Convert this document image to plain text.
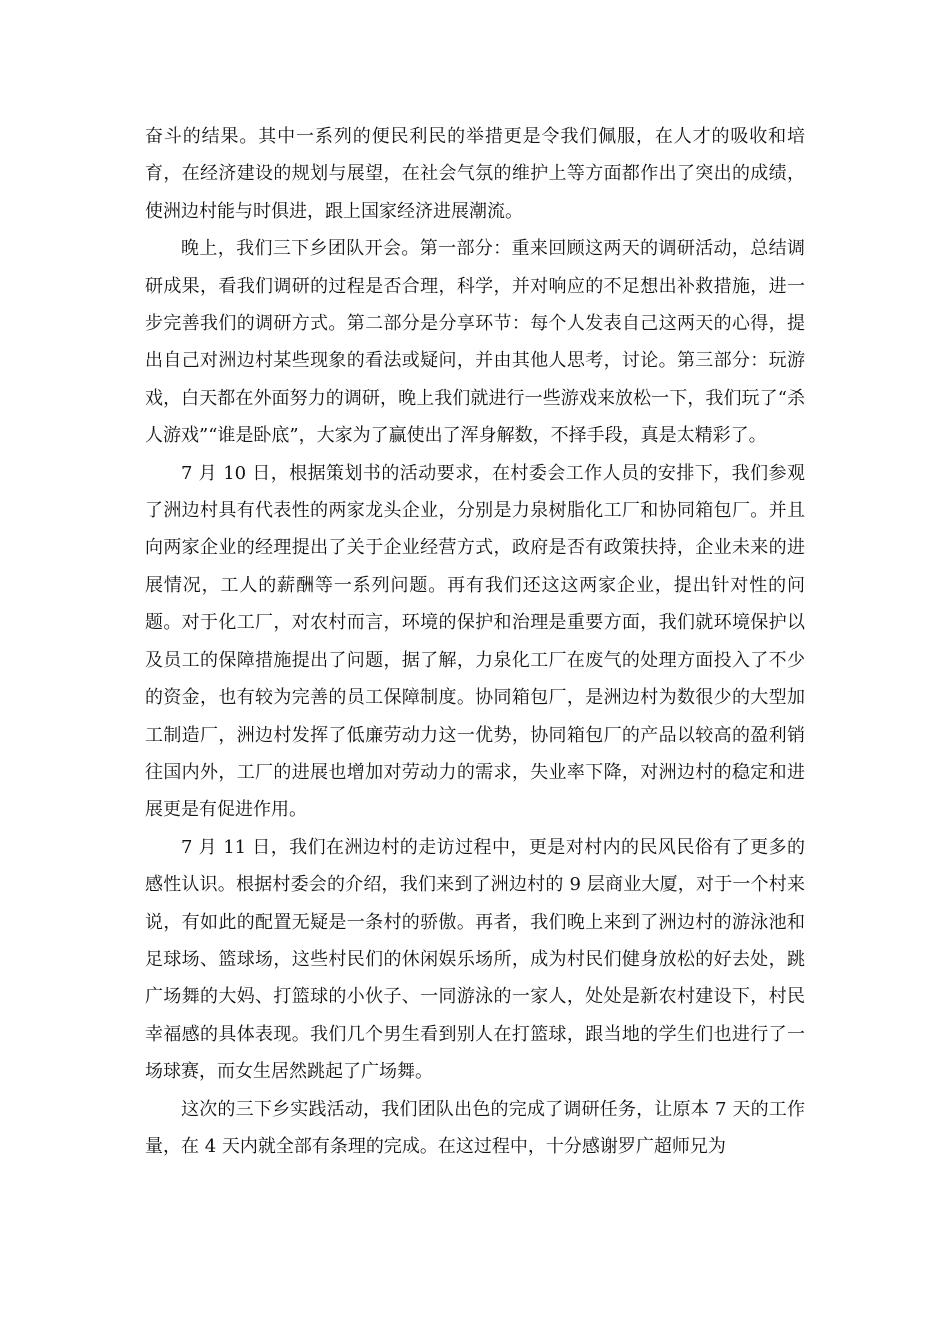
奋斗的结果。其中一系列的便民利民的举措更是令我们佩服，在人才的吸收和培育，在经济建设的规划与展望，在社会气氛的维护上等方面都作出了突出的成绩，使洲边村能与时俱进，跟上国家经济进展潮流。

晚上，我们三下乡团队开会。第一部分：重来回顾这两天的调研活动，总结调研成果，看我们调研的过程是否合理，科学，并对响应的不足想出补救措施，进一步完善我们的调研方式。第二部分是分享环节：每个人发表自己这两天的心得，提出自己对洲边村某些现象的看法或疑问，并由其他人思考，讨论。第三部分：玩游戏，白天都在外面努力的调研，晚上我们就进行一些游戏来放松一下，我们玩了“杀人游戏”“谁是卧底”，大家为了赢使出了浑身解数，不择手段，真是太精彩了。

7 月 10 日，根据策划书的活动要求，在村委会工作人员的安排下，我们参观了洲边村具有代表性的两家龙头企业，分别是力泉树脂化工厂和协同箱包厂。并且向两家企业的经理提出了关于企业经营方式，政府是否有政策扶持，企业未来的进展情况，工人的薪酬等一系列问题。再有我们还这这两家企业，提出针对性的问题。对于化工厂，对农村而言，环境的保护和治理是重要方面，我们就环境保护以及员工的保障措施提出了问题，据了解，力泉化工厂在废气的处理方面投入了不少的资金，也有较为完善的员工保障制度。协同箱包厂，是洲边村为数很少的大型加工制造厂，洲边村发挥了低廉劳动力这一优势，协同箱包厂的产品以较高的盈利销往国内外，工厂的进展也增加对劳动力的需求，失业率下降，对洲边村的稳定和进展更是有促进作用。

7 月 11 日，我们在洲边村的走访过程中，更是对村内的民风民俗有了更多的感性认识。根据村委会的介绍，我们来到了洲边村的 9 层商业大厦，对于一个村来说，有如此的配置无疑是一条村的骄傲。再者，我们晚上来到了洲边村的游泳池和足球场、篮球场，这些村民们的休闲娱乐场所，成为村民们健身放松的好去处，跳广场舞的大妈、打篮球的小伙子、一同游泳的一家人，处处是新农村建设下，村民幸福感的具体表现。我们几个男生看到别人在打篮球，跟当地的学生们也进行了一场球赛，而女生居然跳起了广场舞。

这次的三下乡实践活动，我们团队出色的完成了调研任务，让原本 7 天的工作量，在 4 天内就全部有条理的完成。在这过程中，十分感谢罗广超师兄为
